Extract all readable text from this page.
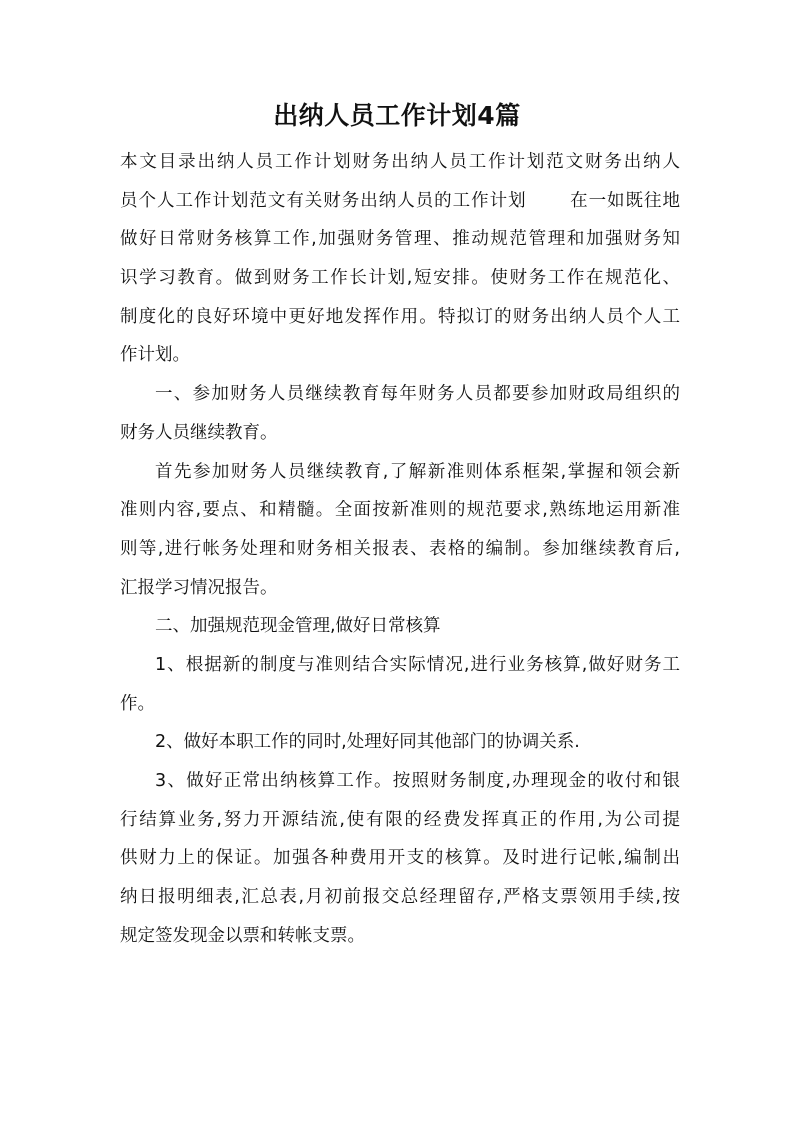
出纳人员工作计划4篇
本文目录出纳人员工作计划财务出纳人员工作计划范文财务出纳人
员个人工作计划范文有关财务出纳人员的工作计划　　 在一如既往地
做好日常财务核算工作,加强财务管理、推动规范管理和加强财务知
识学习教育。做到财务工作长计划,短安排。使财务工作在规范化、
制度化的良好环境中更好地发挥作用。特拟订的财务出纳人员个人工
作计划。
一、参加财务人员继续教育每年财务人员都要参加财政局组织的
财务人员继续教育。
首先参加财务人员继续教育,了解新准则体系框架,掌握和领会新
准则内容,要点、和精髓。全面按新准则的规范要求,熟练地运用新准
则等,进行帐务处理和财务相关报表、表格的编制。参加继续教育后,
汇报学习情况报告。
二、加强规范现金管理,做好日常核算
1、根据新的制度与准则结合实际情况,进行业务核算,做好财务工
作。
2、做好本职工作的同时,处理好同其他部门的协调关系.
3、做好正常出纳核算工作。按照财务制度,办理现金的收付和银
行结算业务,努力开源结流,使有限的经费发挥真正的作用,为公司提
供财力上的保证。加强各种费用开支的核算。及时进行记帐,编制出
纳日报明细表,汇总表,月初前报交总经理留存,严格支票领用手续,按
规定签发现金以票和转帐支票。
